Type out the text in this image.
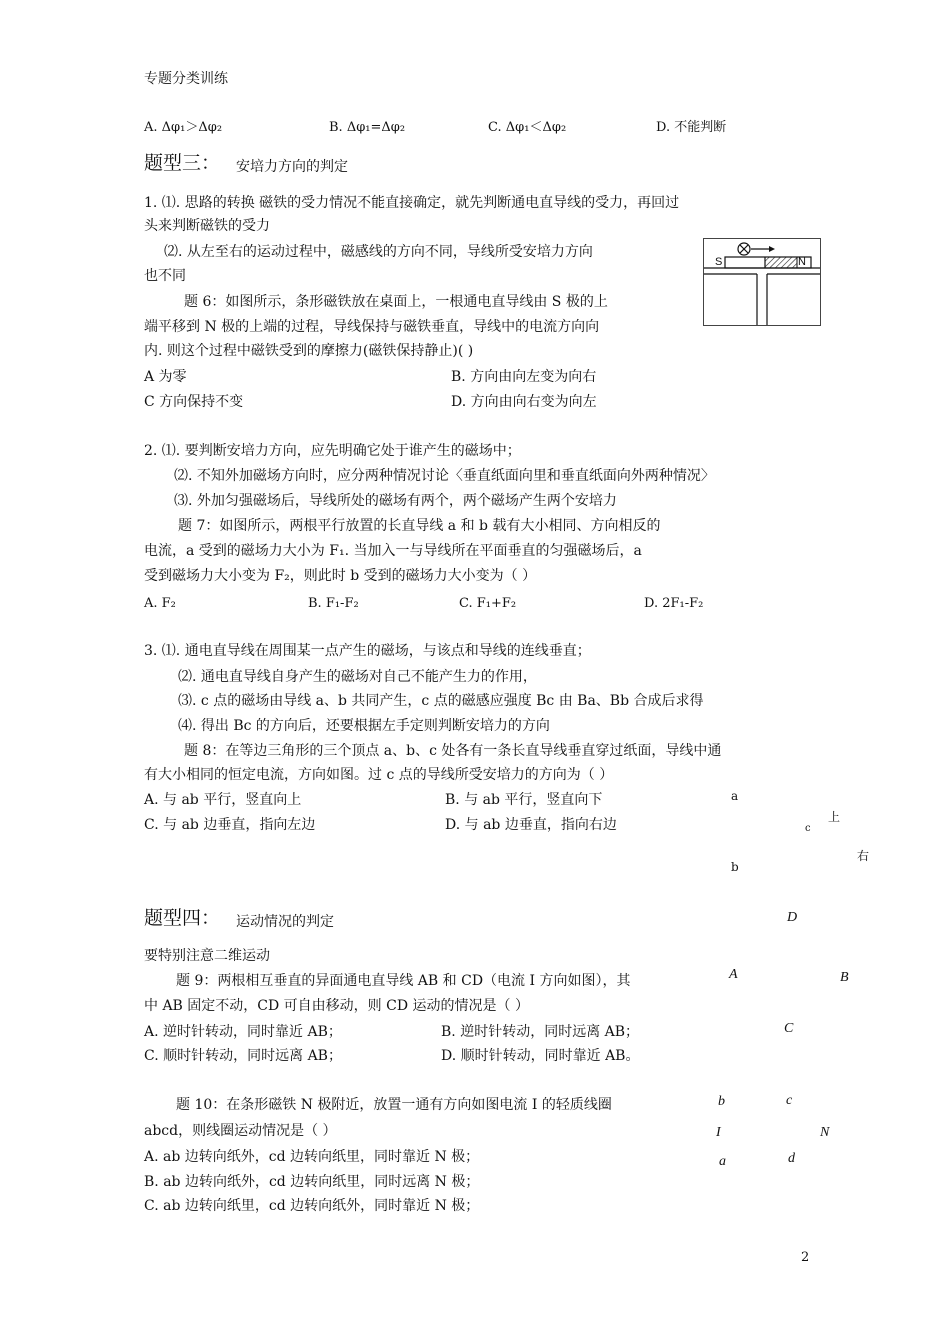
专题分类训练
A. Δφ₁＞Δφ₂	B. Δφ₁=Δφ₂	C. Δφ₁＜Δφ₂	D. 不能判断
题型三： 安培力方向的判定
1. ⑴. 思路的转换 磁铁的受力情况不能直接确定，就先判断通电直导线的受力，再回过
头来判断磁铁的受力
⑵. 从左至右的运动过程中，磁感线的方向不同，导线所受安培力方向
也不同
题 6：如图所示，条形磁铁放在桌面上，一根通电直导线由 S 极的上
端平移到 N 极的上端的过程，导线保持与磁铁垂直，导线中的电流方向向
内. 则这个过程中磁铁受到的摩擦力(磁铁保持静止)( )
A 为零	B. 方向由向左变为向右
C 方向保持不变	D. 方向由向右变为向左
S	N
2. ⑴. 要判断安培力方向，应先明确它处于谁产生的磁场中；
⑵. 不知外加磁场方向时，应分两种情况讨论〈垂直纸面向里和垂直纸面向外两种情况〉
⑶. 外加匀强磁场后，导线所处的磁场有两个，两个磁场产生两个安培力
题 7：如图所示，两根平行放置的长直导线 a 和 b 载有大小相同、方向相反的
电流，a 受到的磁场力大小为 F₁. 当加入一与导线所在平面垂直的匀强磁场后，a
受到磁场力大小变为 F₂，则此时 b 受到的磁场力大小变为（ ）
A. F₂	B. F₁-F₂	C. F₁+F₂	D. 2F₁-F₂
3. ⑴. 通电直导线在周围某一点产生的磁场，与该点和导线的连线垂直；
⑵. 通电直导线自身产生的磁场对自己不能产生力的作用，
⑶. c 点的磁场由导线 a、b 共同产生，c 点的磁感应强度 Bc 由 Ba、Bb 合成后求得
⑷. 得出 Bc 的方向后，还要根据左手定则判断安培力的方向
题 8：在等边三角形的三个顶点 a、b、c 处各有一条长直导线垂直穿过纸面，导线中通
有大小相同的恒定电流，方向如图。过 c 点的导线所受安培力的方向为（ ）
A. 与 ab 平行，竖直向上	B. 与 ab 平行，竖直向下
C. 与 ab 边垂直，指向左边	D. 与 ab 边垂直，指向右边
a
c
上
右
b
题型四： 运动情况的判定
要特别注意二维运动
题 9：两根相互垂直的异面通电直导线 AB 和 CD（电流 I 方向如图），其
中 AB 固定不动，CD 可自由移动，则 CD 运动的情况是（ ）
A. 逆时针转动，同时靠近 AB；	B. 逆时针转动，同时远离 AB；
C. 顺时针转动，同时远离 AB；	D. 顺时针转动，同时靠近 AB。
D
A	B
C
题 10：在条形磁铁 N 极附近，放置一通有方向如图电流 I 的轻质线圈
abcd，则线圈运动情况是（ ）
A. ab 边转向纸外，cd 边转向纸里，同时靠近 N 极；
B. ab 边转向纸外，cd 边转向纸里，同时远离 N 极；
C. ab 边转向纸里，cd 边转向纸外，同时靠近 N 极；
b	c
I	N
a	d
2
